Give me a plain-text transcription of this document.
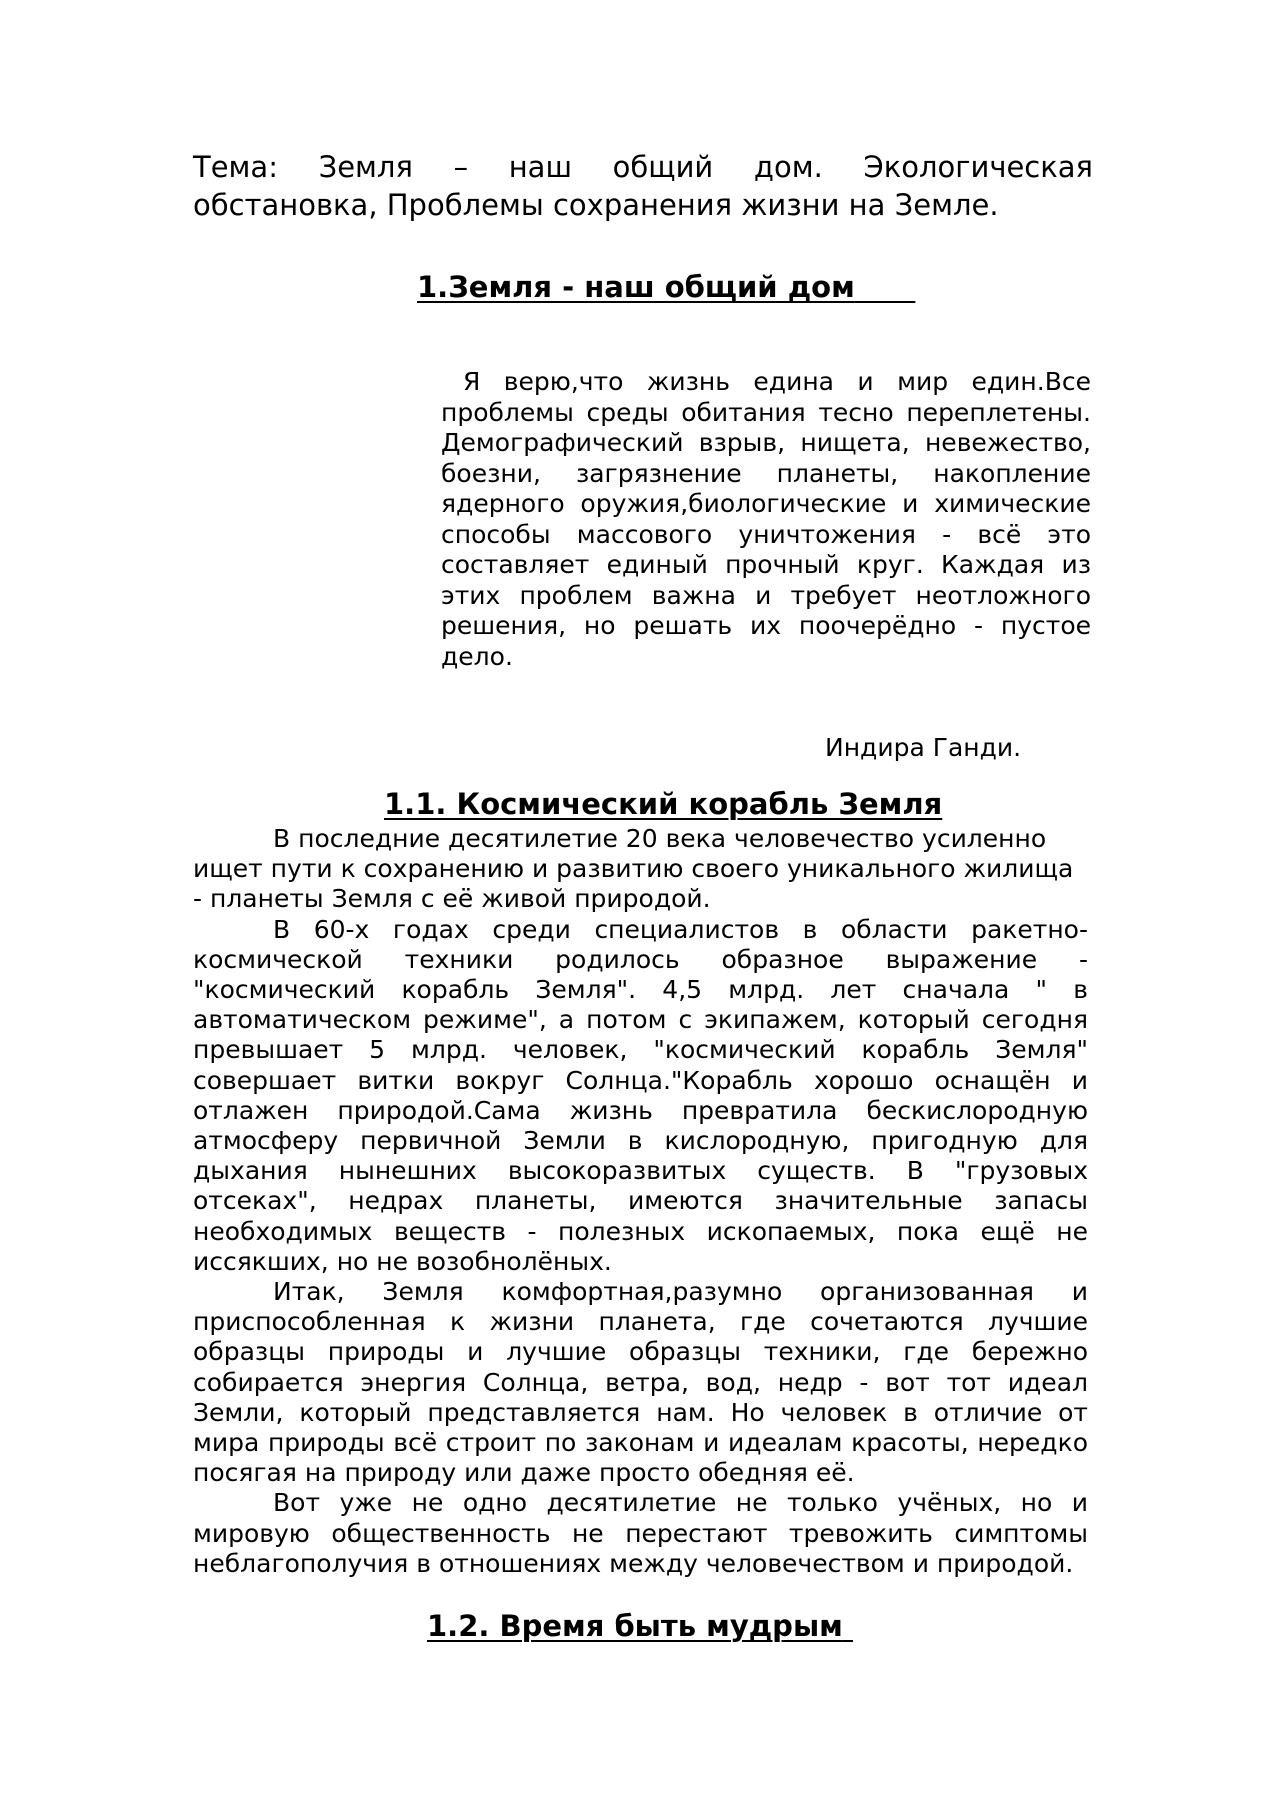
Тема: Земля – наш общий дом. Экологическая обстановка, Проблемы сохранения жизни на Земле.
1.Земля - наш общий дом
Я верю,что жизнь едина и мир един.Все проблемы среды обитания тесно переплетены. Демографический взрыв, нищета, невежество, боезни, загрязнение планеты, накопление ядерного оружия,биологические и химические способы массового уничтожения - всё это составляет единый прочный круг. Каждая из этих проблем важна и требует неотложного решения, но решать их поочерёдно - пустое дело.
Индира Ганди.
1.1. Космический корабль Земля

В последние десятилетие 20 века человечество усиленно ищет пути к сохранению и развитию своего уникального жилища - планеты Земля с её живой природой.

В 60-х годах среди специалистов в области ракетно-космической техники родилось образное выражение - "космический корабль Земля". 4,5 млрд. лет сначала " в автоматическом режиме", а потом с экипажем, который сегодня превышает 5 млрд. человек, "космический корабль Земля" совершает витки вокруг Солнца."Корабль хорошо оснащён и отлажен природой.Сама жизнь превратила бескислородную атмосферу первичной Земли в кислородную, пригодную для дыхания нынешних высокоразвитых существ. В "грузовых отсеках", недрах планеты, имеются значительные запасы необходимых веществ - полезных ископаемых, пока ещё не иссякших, но не возобнолёных.

Итак, Земля комфортная,разумно организованная и приспособленная к жизни планета, где сочетаются лучшие образцы природы и лучшие образцы техники, где бережно собирается энергия Солнца, ветра, вод, недр - вот тот идеал Земли, который представляется нам. Но человек в отличие от мира природы всё строит по законам и идеалам красоты, нередко посягая на природу или даже просто обедняя её.

Вот уже не одно десятилетие не только учёных, но и мировую общественность не перестают тревожить симптомы неблагополучия в отношениях между человечеством и природой.

1.2. Время быть мудрым
